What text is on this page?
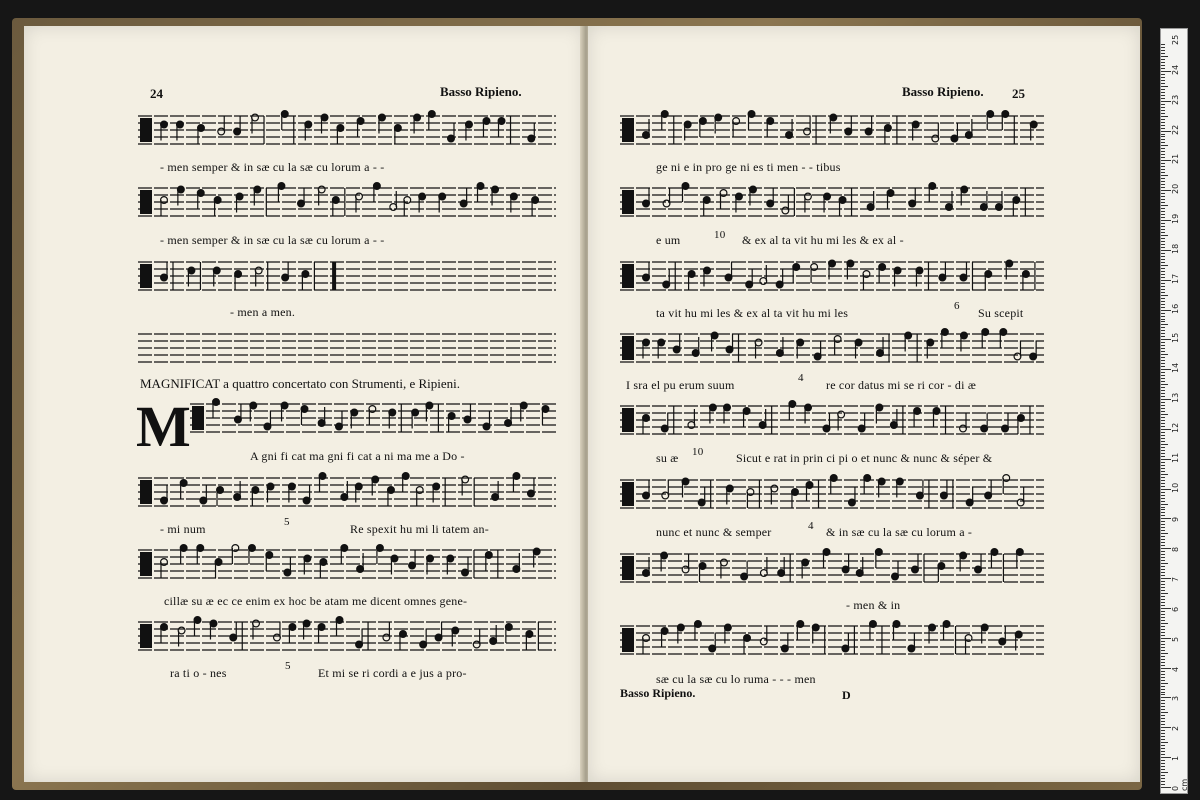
24	Basso Ripieno.
- men semper & in sæ cu la sæ cu lorum a - -
- men semper & in sæ cu la sæ cu lorum a - -
- men a men.
MAGNIFICAT a quattro concertato con Strumenti, e Ripieni.
M	A gni fi cat ma gni fi cat a ni ma me a Do -
- mi num	5	Re spexit hu mi li tatem an-
cillæ su æ ec ce enim ex hoc be atam me dicent omnes gene-
ra ti o - nes	5 Et mi se ri cordi a e jus a pro-
Basso Ripieno. 25
ge ni e in pro ge ni es ti men - - tibus
e um	10 & ex al ta vit hu mi les & ex al -
ta vit hu mi les & ex al ta vit hu mi les	6 Su scepit
I sra el pu erum suum	4 re cor datus mi se ri cor - di æ
su æ 10	Sicut e rat in prin ci pi o et nunc & nunc & séper &
nunc et nunc & semper	4 & in sæ cu la sæ cu lorum a -
- men & in
sæ cu la sæ cu lo ruma - - - men
Basso Ripieno.	D
0 cm
1
2
3
4
5
6
7
8
9
10
11
12
13
14
15
16
17
18
19
20
21
22
23
24
25
